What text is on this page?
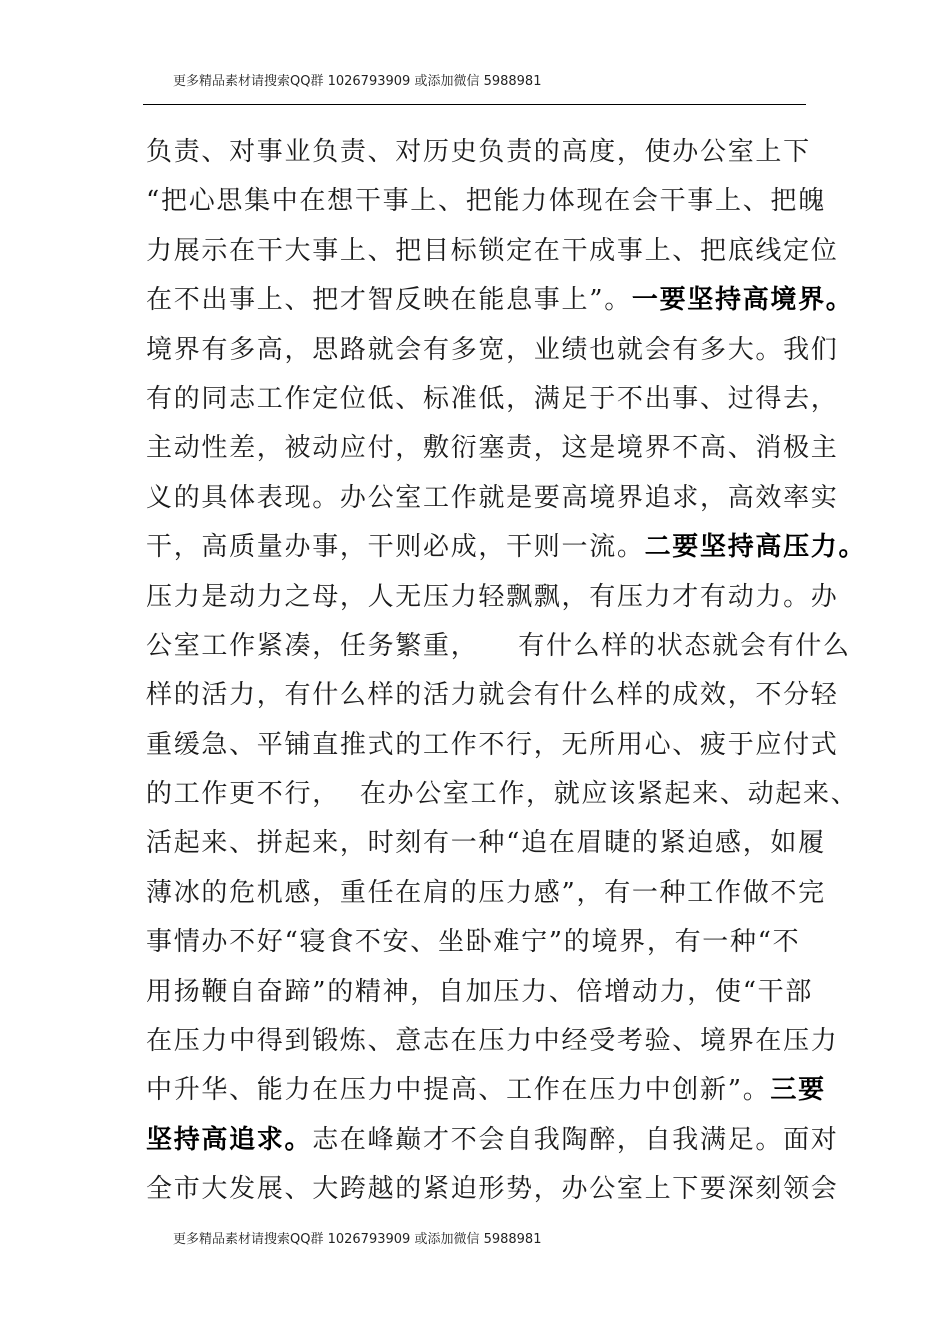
更多精品素材请搜索QQ群 1026793909 或添加微信 5988981
负责、对事业负责、对历史负责的高度，使办公室上下
“把心思集中在想干事上、把能力体现在会干事上、把魄
力展示在干大事上、把目标锁定在干成事上、把底线定位
在不出事上、把才智反映在能息事上”。一要坚持高境界。
境界有多高，思路就会有多宽，业绩也就会有多大。我们
有的同志工作定位低、标准低，满足于不出事、过得去，
主动性差，被动应付，敷衍塞责，这是境界不高、消极主
义的具体表现。办公室工作就是要高境界追求，高效率实
干，高质量办事，干则必成，干则一流。二要坚持高压力。
压力是动力之母，人无压力轻飘飘，有压力才有动力。办
公室工作紧凑，任务繁重，    有什么样的状态就会有什么
样的活力，有什么样的活力就会有什么样的成效，不分轻
重缓急、平铺直推式的工作不行，无所用心、疲于应付式
的工作更不行，  在办公室工作，就应该紧起来、动起来、
活起来、拼起来，时刻有一种“追在眉睫的紧迫感，如履
薄冰的危机感，重任在肩的压力感”，有一种工作做不完
事情办不好“寝食不安、坐卧难宁”的境界，有一种“不
用扬鞭自奋蹄”的精神，自加压力、倍增动力，使“干部
在压力中得到锻炼、意志在压力中经受考验、境界在压力
中升华、能力在压力中提高、工作在压力中创新”。三要
坚持高追求。志在峰巅才不会自我陶醉，自我满足。面对
全市大发展、大跨越的紧迫形势，办公室上下要深刻领会
更多精品素材请搜索QQ群 1026793909 或添加微信 5988981
